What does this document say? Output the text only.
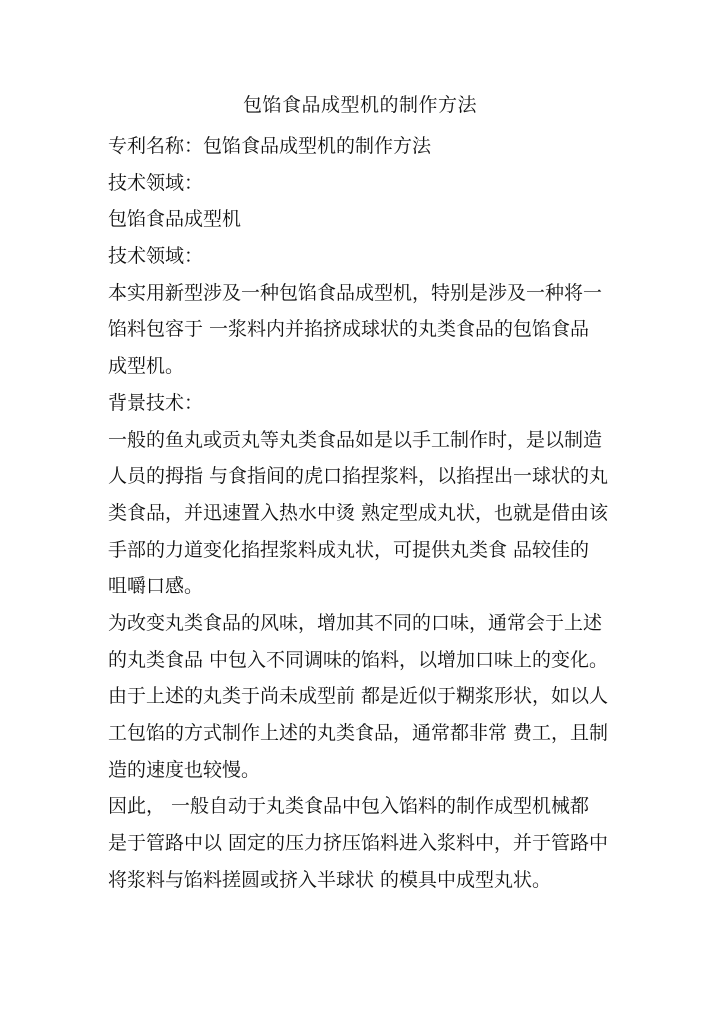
包馅食品成型机的制作方法
专利名称：包馅食品成型机的制作方法
技术领域：
包馅食品成型机
技术领域：
本实用新型涉及一种包馅食品成型机，特别是涉及一种将一
馅料包容于 一浆料内并掐挤成球状的丸类食品的包馅食品
成型机。
背景技术：
一般的鱼丸或贡丸等丸类食品如是以手工制作时，是以制造
人员的拇指 与食指间的虎口掐捏浆料，以掐捏出一球状的丸
类食品，并迅速置入热水中烫 熟定型成丸状，也就是借由该
手部的力道变化掐捏浆料成丸状，可提供丸类食 品较佳的
咀嚼口感。
为改变丸类食品的风味，增加其不同的口味，通常会于上述
的丸类食品 中包入不同调味的馅料，以增加口味上的变化。
由于上述的丸类于尚未成型前 都是近似于糊浆形状，如以人
工包馅的方式制作上述的丸类食品，通常都非常 费工，且制
造的速度也较慢。
因此， 一般自动于丸类食品中包入馅料的制作成型机械都
是于管路中以 固定的压力挤压馅料进入浆料中，并于管路中
将浆料与馅料搓圆或挤入半球状 的模具中成型丸状。
